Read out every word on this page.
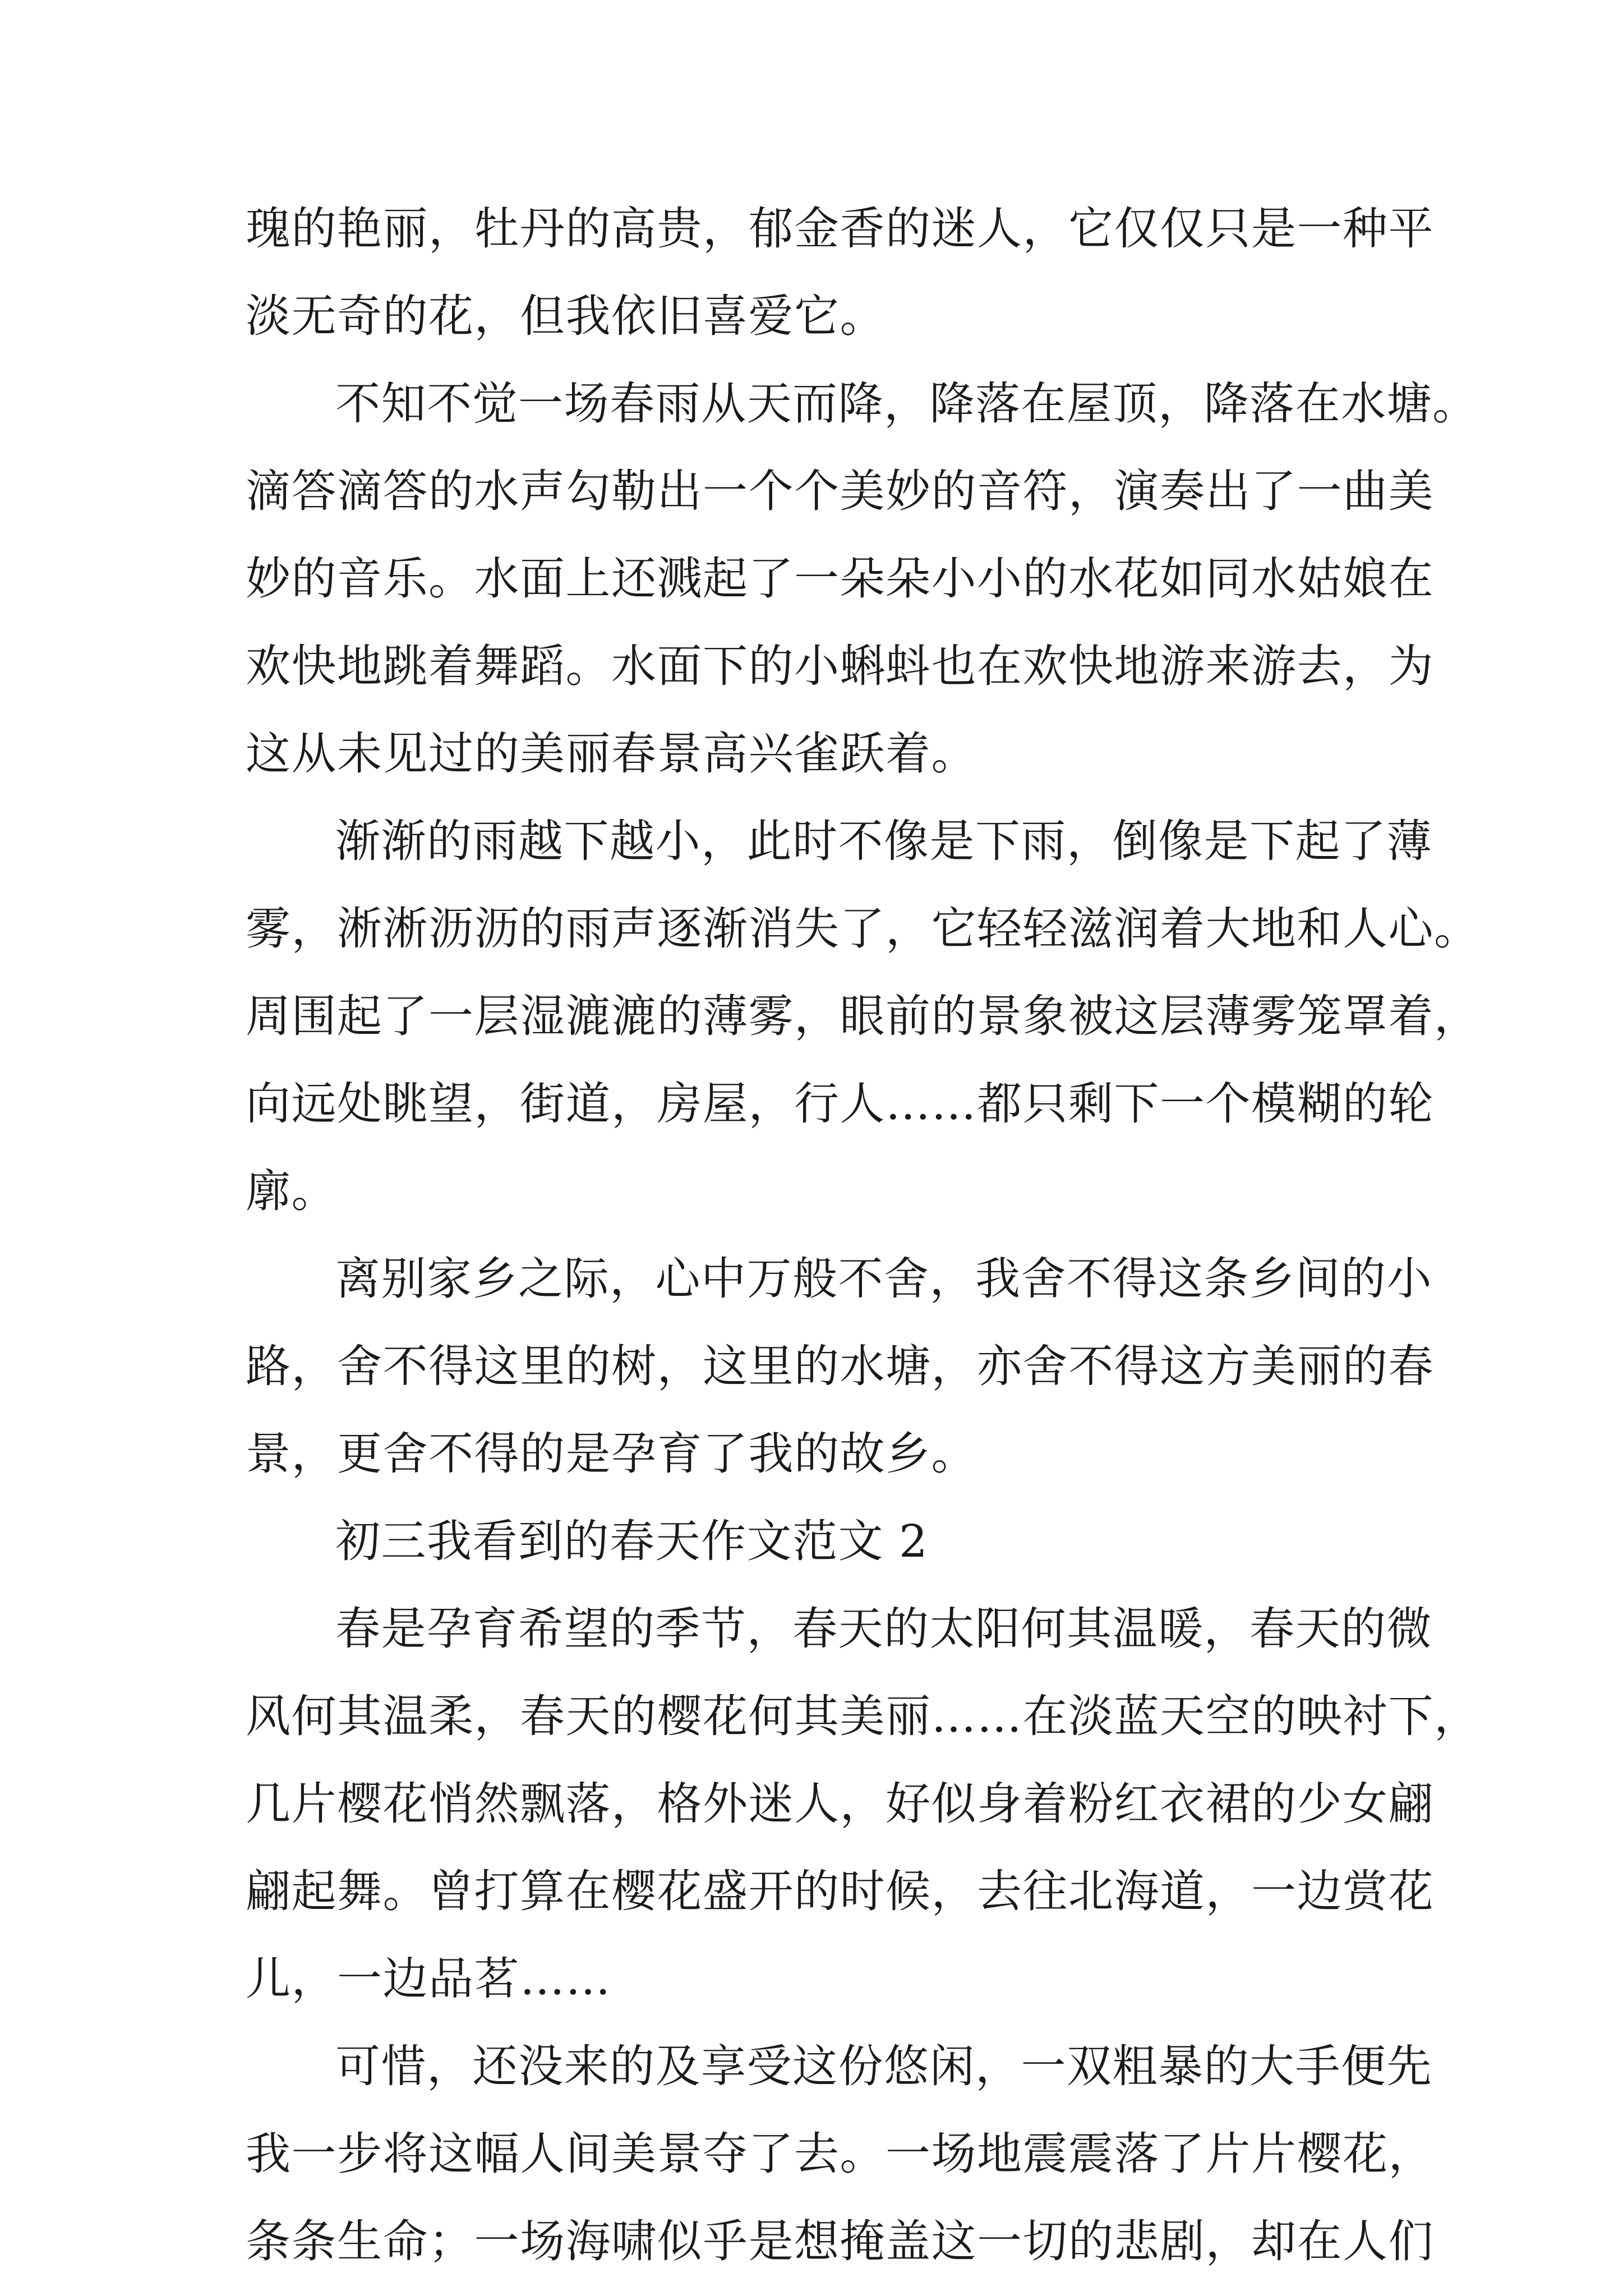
瑰的艳丽，牡丹的高贵，郁金香的迷人，它仅仅只是一种平
淡无奇的花，但我依旧喜爱它。
不知不觉一场春雨从天而降，降落在屋顶，降落在水塘。
滴答滴答的水声勾勒出一个个美妙的音符，演奏出了一曲美
妙的音乐。水面上还溅起了一朵朵小小的水花如同水姑娘在
欢快地跳着舞蹈。水面下的小蝌蚪也在欢快地游来游去，为
这从未见过的美丽春景高兴雀跃着。
渐渐的雨越下越小，此时不像是下雨，倒像是下起了薄
雾，淅淅沥沥的雨声逐渐消失了，它轻轻滋润着大地和人心。
周围起了一层湿漉漉的薄雾，眼前的景象被这层薄雾笼罩着，
向远处眺望，街道，房屋，行人……都只剩下一个模糊的轮
廓。
离别家乡之际，心中万般不舍，我舍不得这条乡间的小
路，舍不得这里的树，这里的水塘，亦舍不得这方美丽的春
景，更舍不得的是孕育了我的故乡。
初三我看到的春天作文范文 2
春是孕育希望的季节，春天的太阳何其温暖，春天的微
风何其温柔，春天的樱花何其美丽……在淡蓝天空的映衬下，
几片樱花悄然飘落，格外迷人，好似身着粉红衣裙的少女翩
翩起舞。曾打算在樱花盛开的时候，去往北海道，一边赏花
儿，一边品茗……
可惜，还没来的及享受这份悠闲，一双粗暴的大手便先
我一步将这幅人间美景夺了去。一场地震震落了片片樱花，
条条生命；一场海啸似乎是想掩盖这一切的悲剧，却在人们
